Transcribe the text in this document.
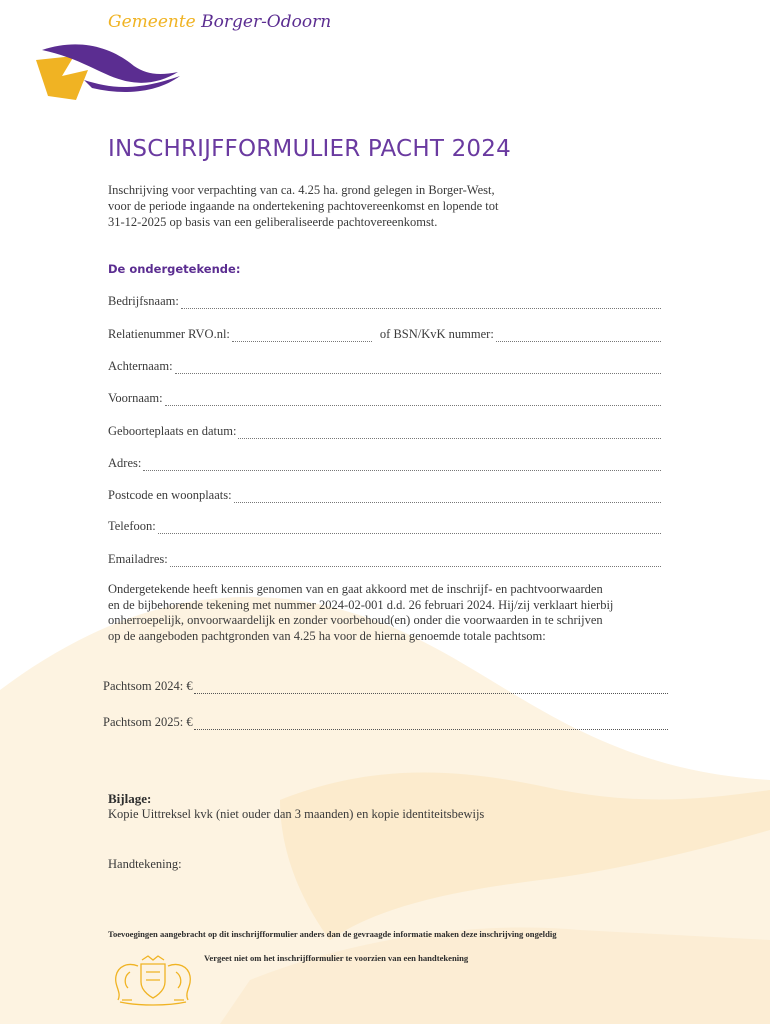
Gemeente Borger-Odoorn
INSCHRIJFFORMULIER PACHT 2024
Inschrijving voor verpachting van ca. 4.25 ha. grond gelegen in Borger-West,
voor de periode ingaande na ondertekening pachtovereenkomst en lopende tot
31-12-2025 op basis van een geliberaliseerde pachtovereenkomst.
De ondergetekende:
Bedrijfsnaam:
Relatienummer RVO.nl:	of BSN/KvK nummer:
Achternaam:
Voornaam:
Geboorteplaats en datum:
Adres:
Postcode en woonplaats:
Telefoon:
Emailadres:
Ondergetekende heeft kennis genomen van en gaat akkoord met de inschrijf- en pachtvoorwaarden
en de bijbehorende tekening met nummer 2024-02-001 d.d. 26 februari 2024. Hij/zij verklaart hierbij
onherroepelijk, onvoorwaardelijk en zonder voorbehoud(en) onder die voorwaarden in te schrijven
op de aangeboden pachtgronden van 4.25 ha voor de hierna genoemde totale pachtsom:
Pachtsom 2024: €
Pachtsom 2025: €
Bijlage:
Kopie Uittreksel kvk (niet ouder dan 3 maanden) en kopie identiteitsbewijs
Handtekening:
Toevoegingen aangebracht op dit inschrijfformulier anders dan de gevraagde informatie maken deze inschrijving ongeldig
Vergeet niet om het inschrijfformulier te voorzien van een handtekening
